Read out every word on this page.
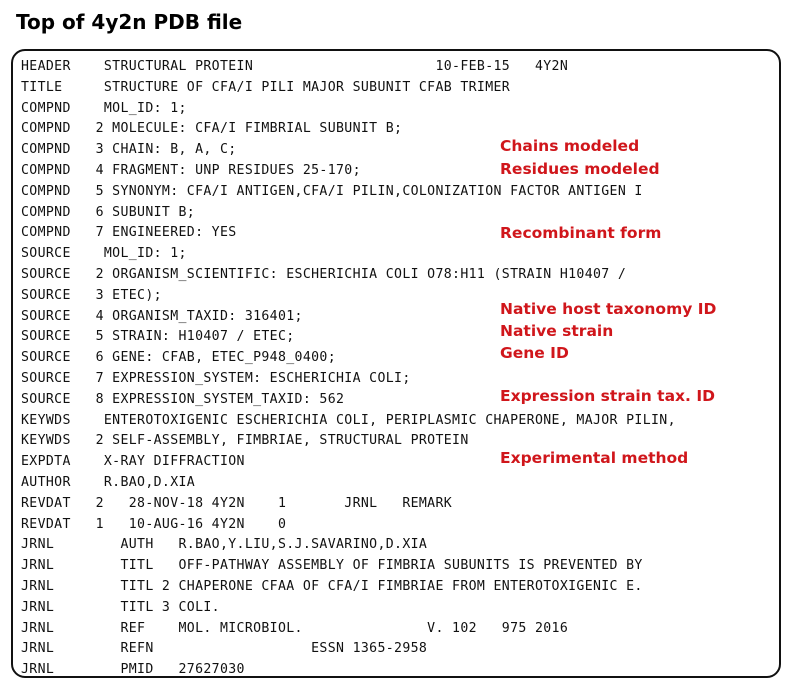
Top of 4y2n PDB file
HEADER    STRUCTURAL PROTEIN                      10-FEB-15   4Y2N
TITLE     STRUCTURE OF CFA/I PILI MAJOR SUBUNIT CFAB TRIMER
COMPND    MOL_ID: 1;
COMPND   2 MOLECULE: CFA/I FIMBRIAL SUBUNIT B;
COMPND   3 CHAIN: B, A, C;
COMPND   4 FRAGMENT: UNP RESIDUES 25-170;
COMPND   5 SYNONYM: CFA/I ANTIGEN,CFA/I PILIN,COLONIZATION FACTOR ANTIGEN I
COMPND   6 SUBUNIT B;
COMPND   7 ENGINEERED: YES
SOURCE    MOL_ID: 1;
SOURCE   2 ORGANISM_SCIENTIFIC: ESCHERICHIA COLI O78:H11 (STRAIN H10407 /
SOURCE   3 ETEC);
SOURCE   4 ORGANISM_TAXID: 316401;
SOURCE   5 STRAIN: H10407 / ETEC;
SOURCE   6 GENE: CFAB, ETEC_P948_0400;
SOURCE   7 EXPRESSION_SYSTEM: ESCHERICHIA COLI;
SOURCE   8 EXPRESSION_SYSTEM_TAXID: 562
KEYWDS    ENTEROTOXIGENIC ESCHERICHIA COLI, PERIPLASMIC CHAPERONE, MAJOR PILIN,
KEYWDS   2 SELF-ASSEMBLY, FIMBRIAE, STRUCTURAL PROTEIN
EXPDTA    X-RAY DIFFRACTION
AUTHOR    R.BAO,D.XIA
REVDAT   2   28-NOV-18 4Y2N    1       JRNL   REMARK
REVDAT   1   10-AUG-16 4Y2N    0
JRNL        AUTH   R.BAO,Y.LIU,S.J.SAVARINO,D.XIA
JRNL        TITL   OFF-PATHWAY ASSEMBLY OF FIMBRIA SUBUNITS IS PREVENTED BY
JRNL        TITL 2 CHAPERONE CFAA OF CFA/I FIMBRIAE FROM ENTEROTOXIGENIC E.
JRNL        TITL 3 COLI.
JRNL        REF    MOL. MICROBIOL.               V. 102   975 2016
JRNL        REFN                   ESSN 1365-2958
JRNL        PMID   27627030
Chains modeled
Residues modeled
Recombinant form
Native host taxonomy ID
Native strain
Gene ID
Expression strain tax. ID
Experimental method
